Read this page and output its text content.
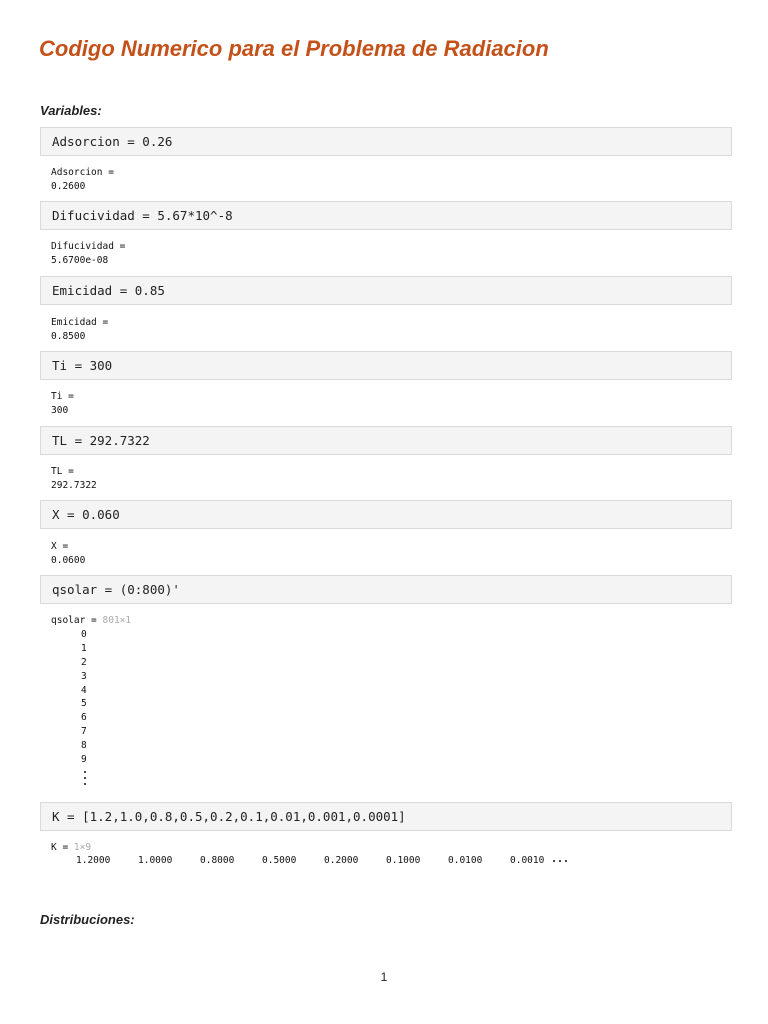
Codigo Numerico para el Problema de Radiacion
Variables:
Adsorcion = 0.26
Adsorcion =
0.2600
Difucividad = 5.67*10^-8
Difucividad =
5.6700e-08
Emicidad = 0.85
Emicidad =
0.8500
Ti = 300
Ti =
300
TL = 292.7322
TL =
292.7322
X = 0.060
X =
0.0600
qsolar = (0:800)'
qsolar = 801×1
0
1
2
3
4
5
6
7
8
9
K = [1.2,1.0,0.8,0.5,0.2,0.1,0.01,0.001,0.0001]
K = 1×9
1.2000	1.0000	0.8000	0.5000	0.2000	0.1000	0.0100	0.0010
Distribuciones:
1
